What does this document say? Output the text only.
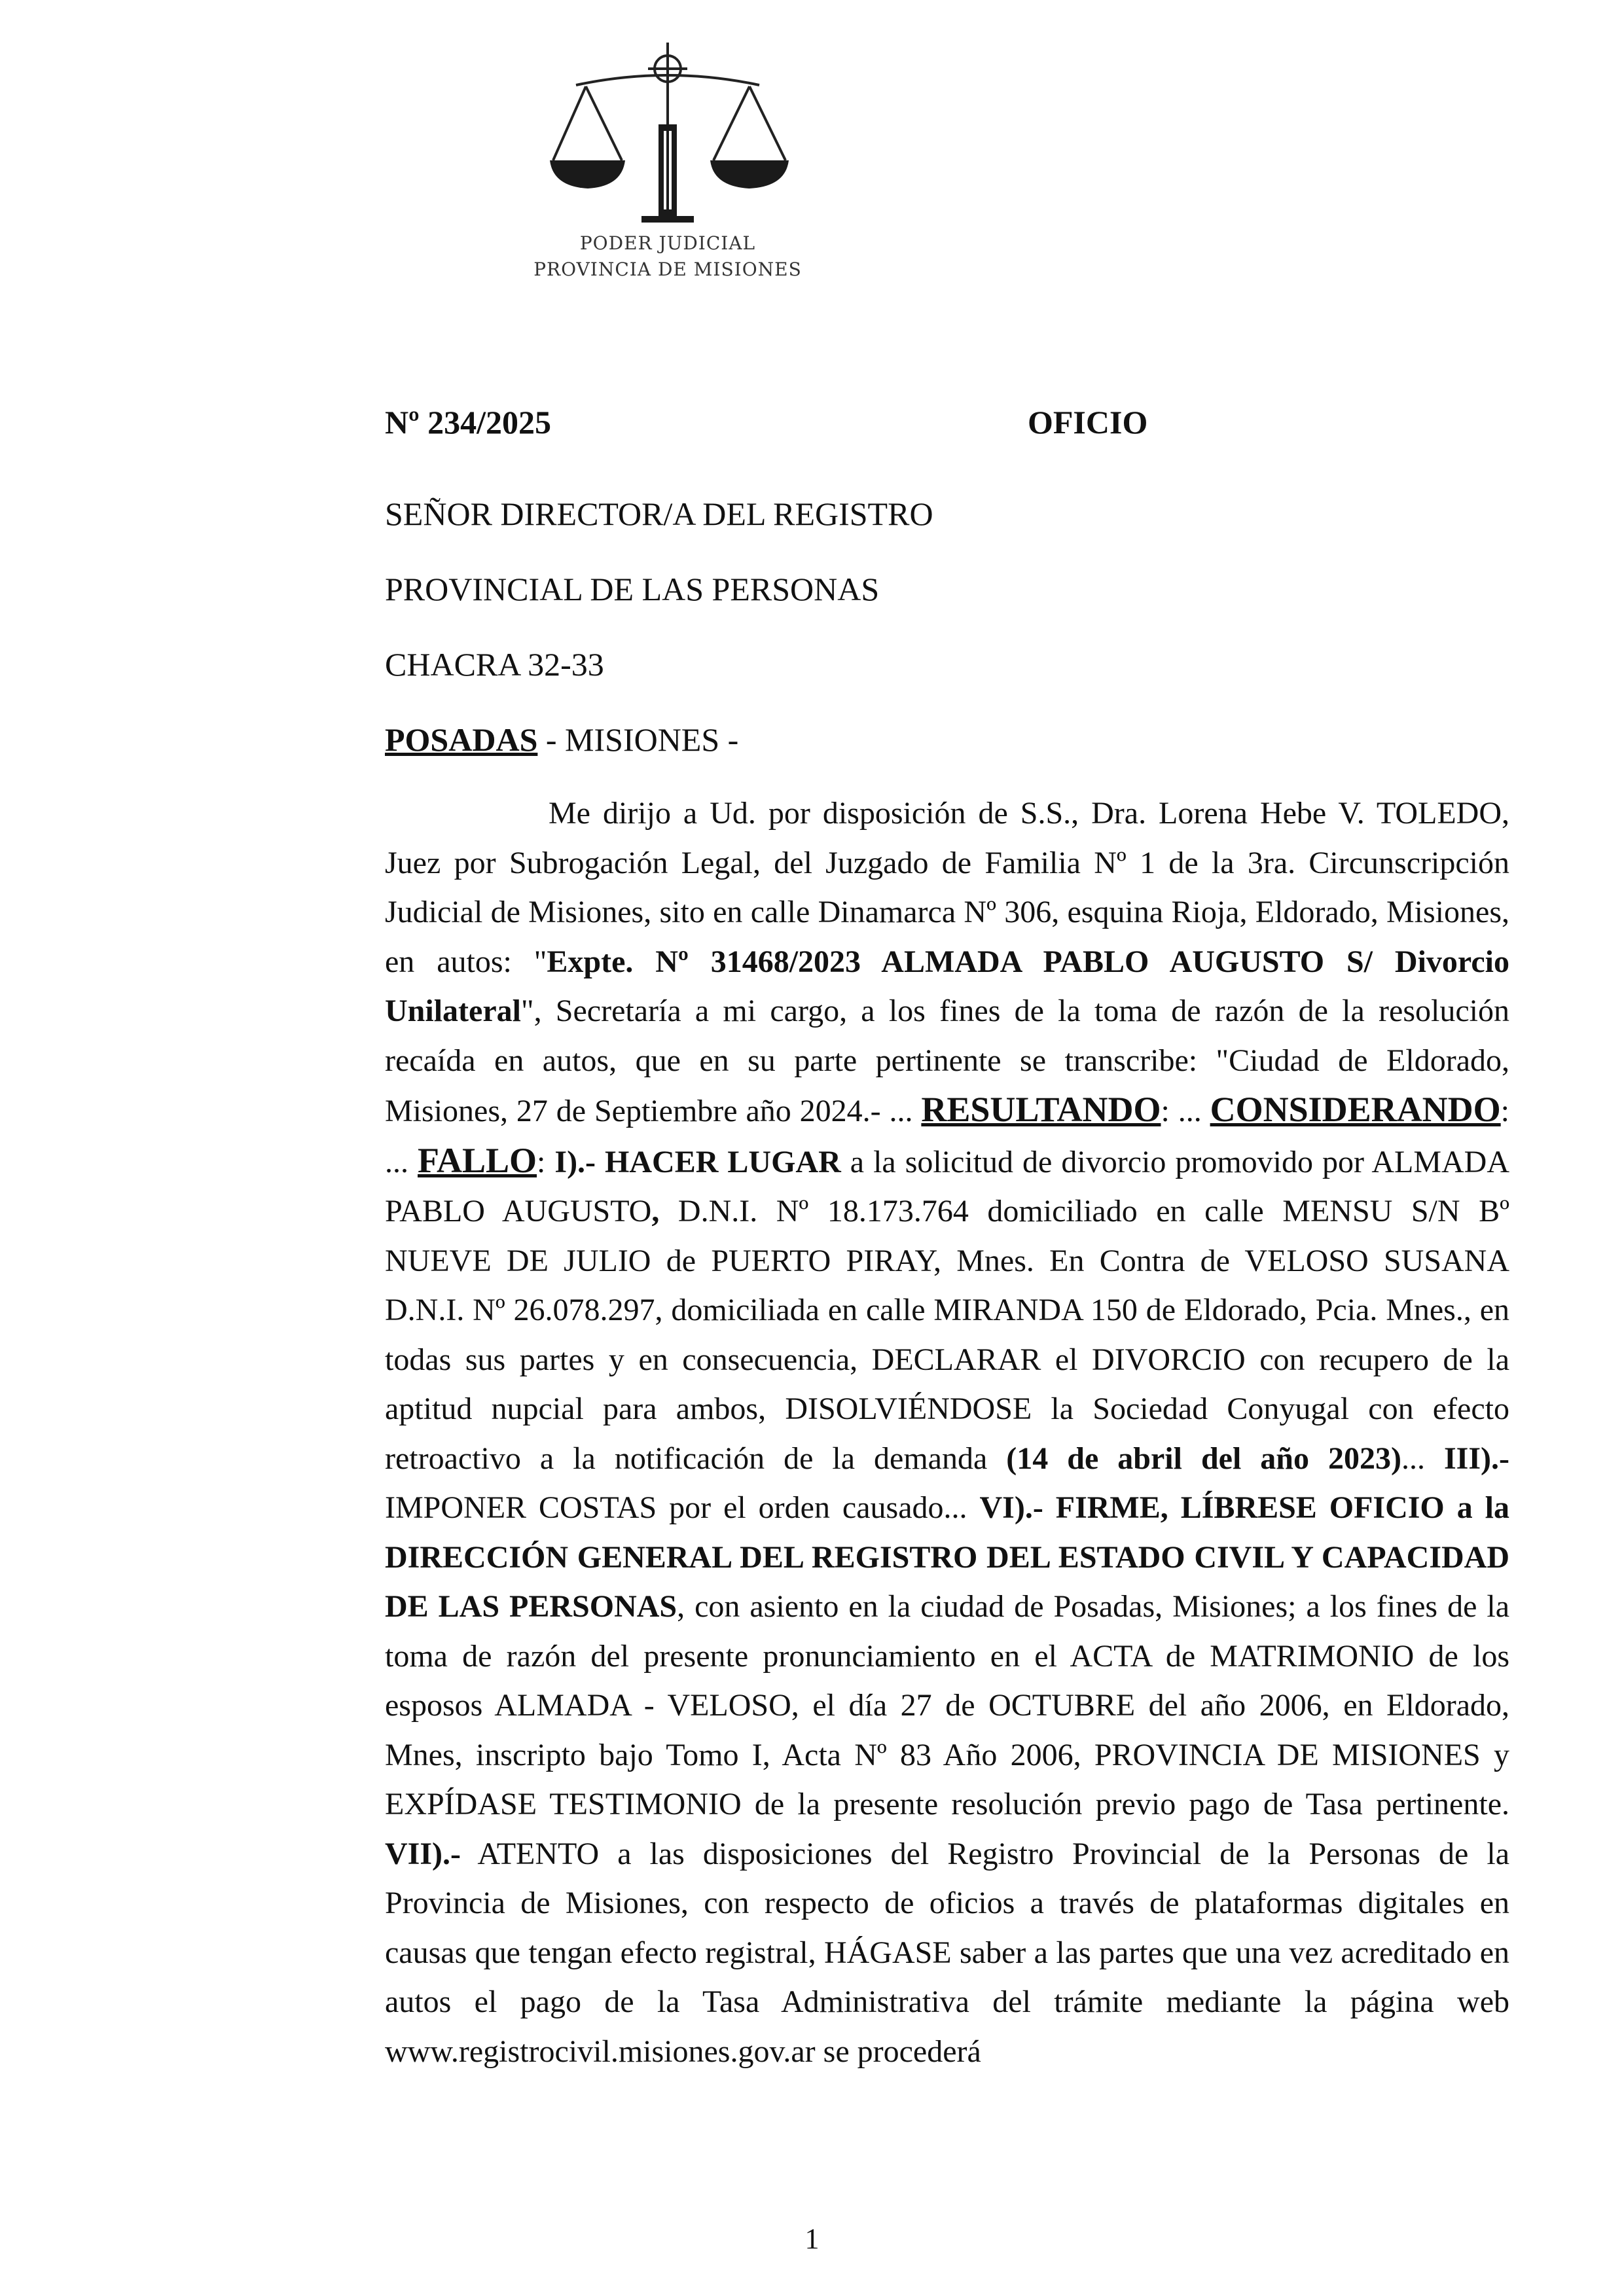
PODER JUDICIAL
PROVINCIA DE MISIONES
Nº 234/2025	OFICIO
SEÑOR DIRECTOR/A DEL REGISTRO
PROVINCIAL DE LAS PERSONAS
CHACRA 32-33
POSADAS - MISIONES -
Me dirijo a Ud. por disposición de S.S., Dra. Lorena Hebe V. TOLEDO, Juez por Subrogación Legal, del Juzgado de Familia Nº 1 de la 3ra. Circunscripción Judicial de Misiones, sito en calle Dinamarca Nº 306, esquina Rioja, Eldorado, Misiones, en autos: "Expte. Nº 31468/2023 ALMADA PABLO AUGUSTO S/ Divorcio Unilateral", Secretaría a mi cargo, a los fines de la toma de razón de la resolución recaída en autos, que en su parte pertinente se transcribe: "Ciudad de Eldorado, Misiones, 27 de Septiembre año 2024.- ... RESULTANDO: ... CONSIDERANDO: ... FALLO: I).- HACER LUGAR a la solicitud de divorcio promovido por ALMADA PABLO AUGUSTO, D.N.I. Nº 18.173.764 domiciliado en calle MENSU S/N Bº NUEVE DE JULIO de PUERTO PIRAY, Mnes. En Contra de VELOSO SUSANA D.N.I. Nº 26.078.297, domiciliada en calle MIRANDA 150 de Eldorado, Pcia. Mnes., en todas sus partes y en consecuencia, DECLARAR el DIVORCIO con recupero de la aptitud nupcial para ambos, DISOLVIÉNDOSE la Sociedad Conyugal con efecto retroactivo a la notificación de la demanda (14 de abril del año 2023)... III).- IMPONER COSTAS por el orden causado... VI).- FIRME, LÍBRESE OFICIO a la DIRECCIÓN GENERAL DEL REGISTRO DEL ESTADO CIVIL Y CAPACIDAD DE LAS PERSONAS, con asiento en la ciudad de Posadas, Misiones; a los fines de la toma de razón del presente pronunciamiento en el ACTA de MATRIMONIO de los esposos ALMADA - VELOSO, el día 27 de OCTUBRE del año 2006, en Eldorado, Mnes, inscripto bajo Tomo I, Acta Nº 83 Año 2006, PROVINCIA DE MISIONES y EXPÍDASE TESTIMONIO de la presente resolución previo pago de Tasa pertinente. VII).- ATENTO a las disposiciones del Registro Provincial de la Personas de la Provincia de Misiones, con respecto de oficios a través de plataformas digitales en causas que tengan efecto registral, HÁGASE saber a las partes que una vez acreditado en autos el pago de la Tasa Administrativa del trámite mediante la página web www.registrocivil.misiones.gov.ar se procederá
1
